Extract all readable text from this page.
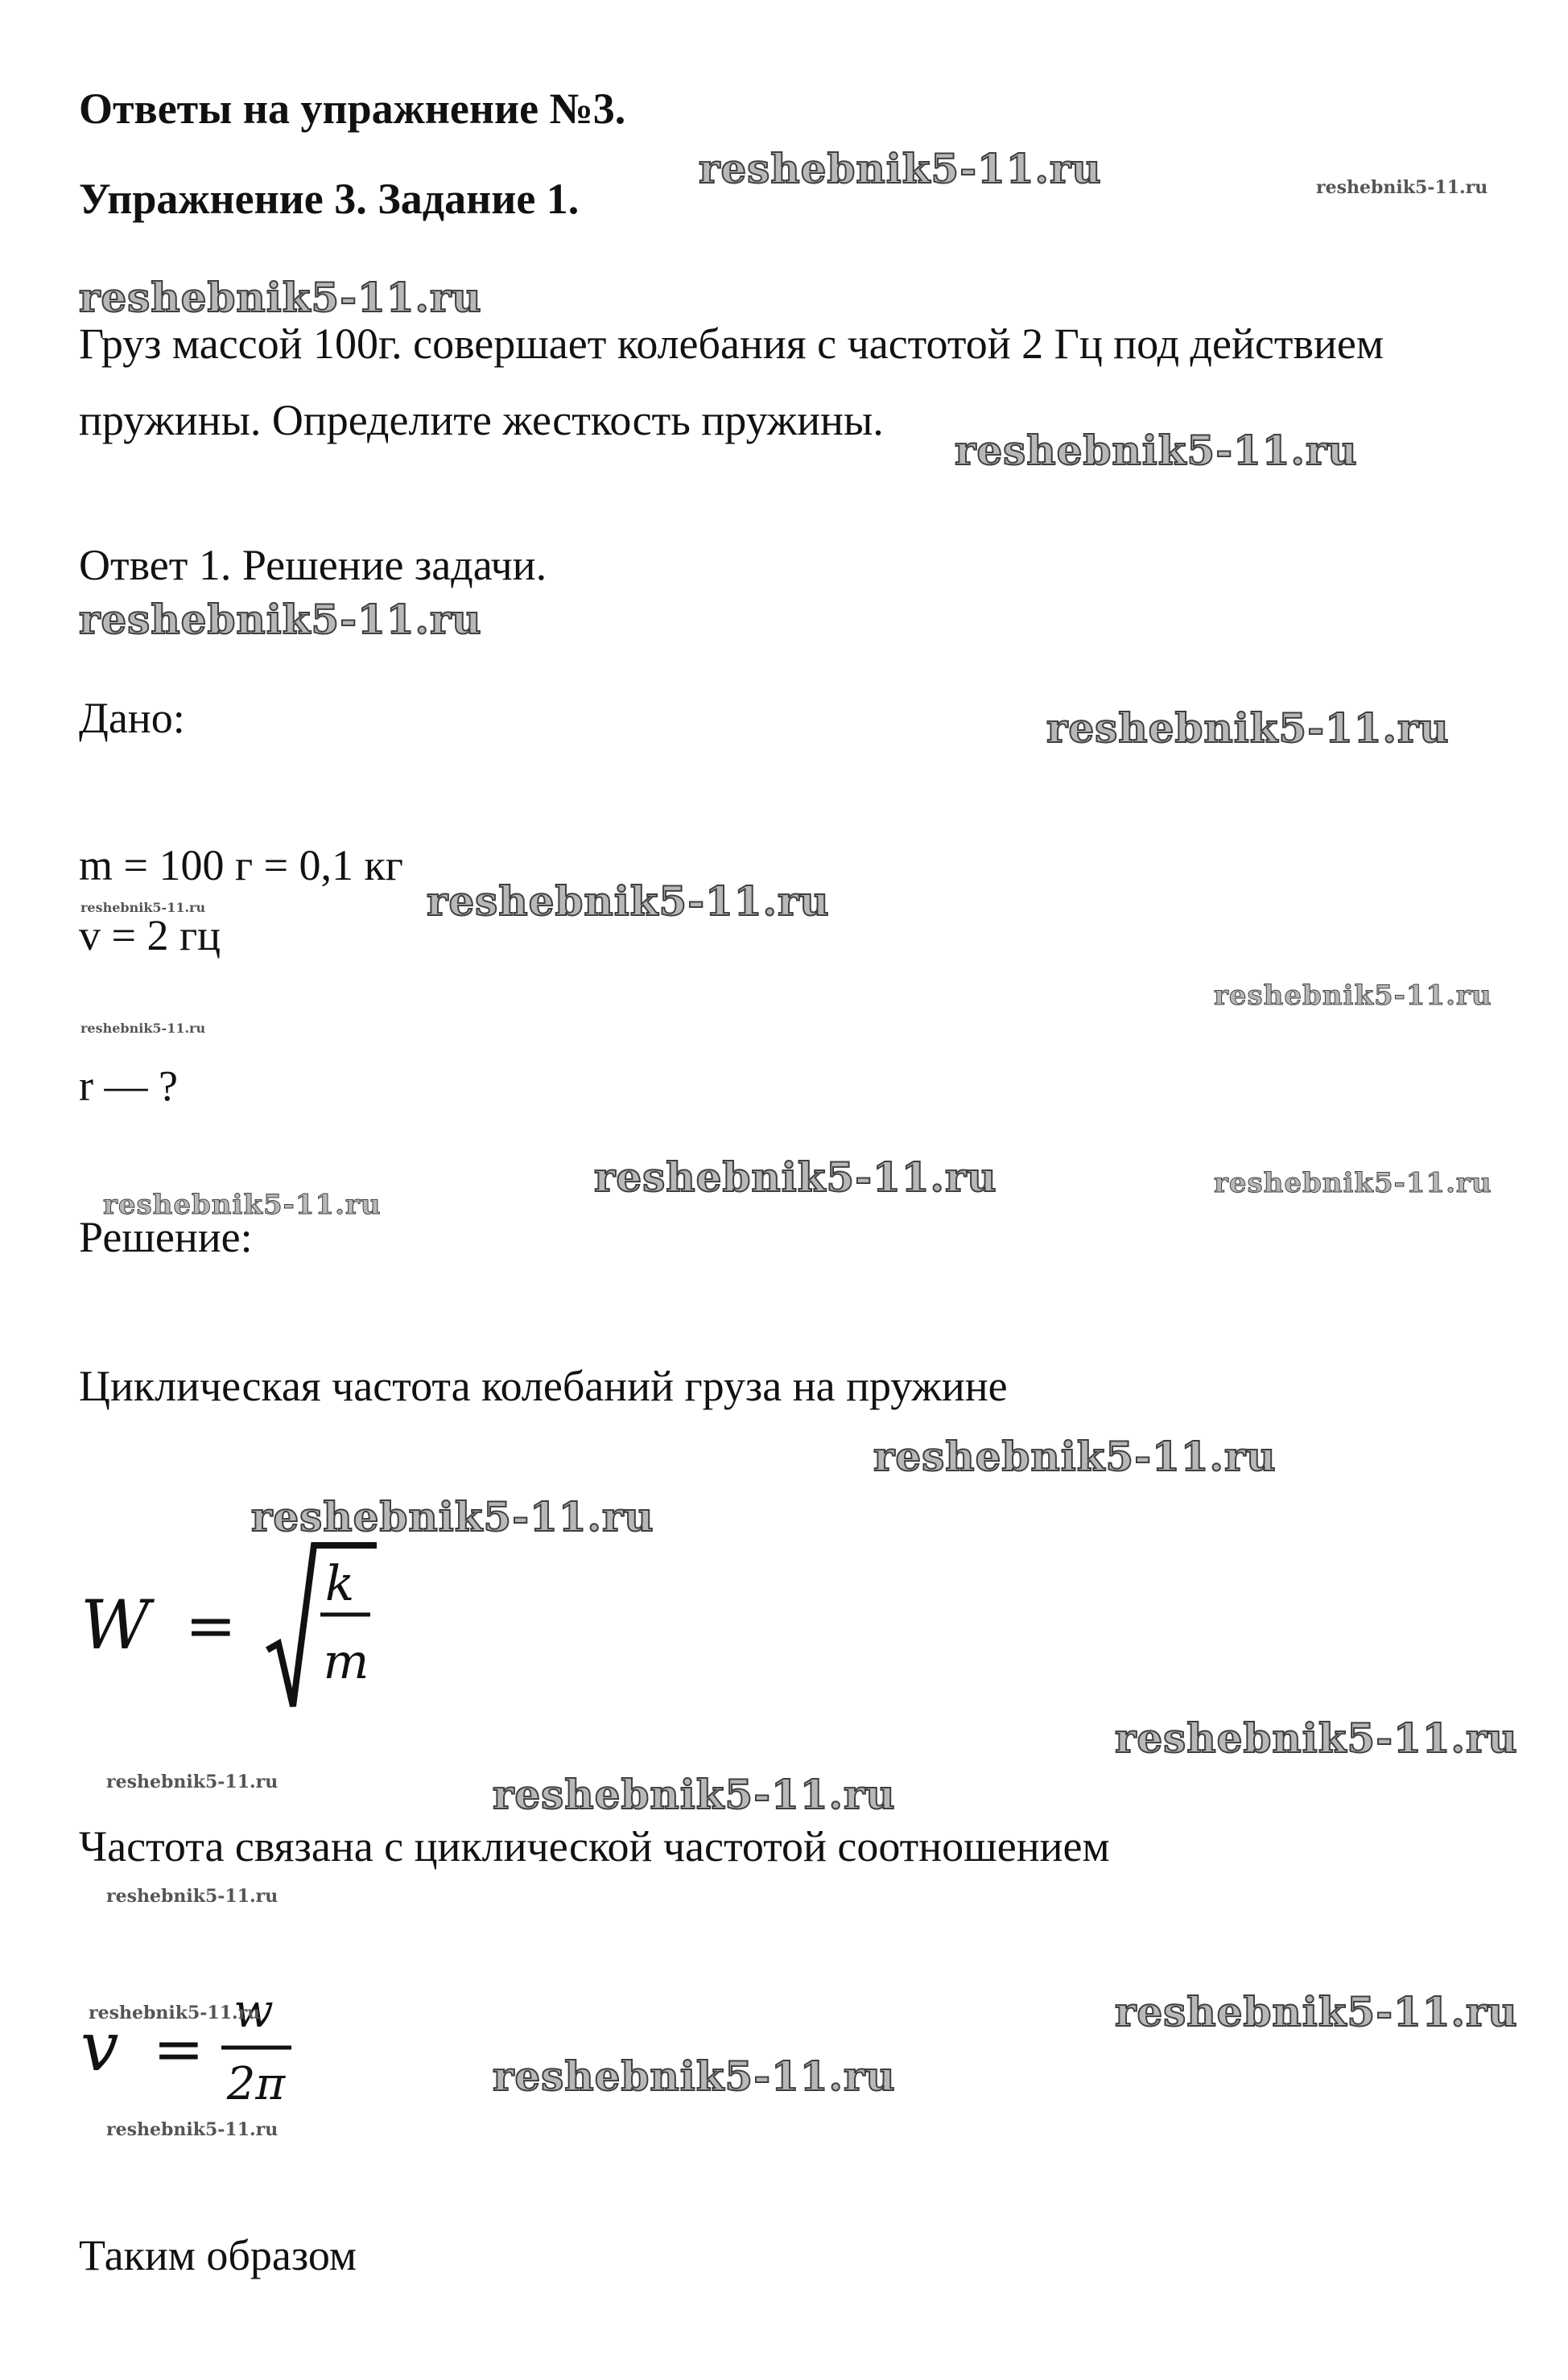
Ответы на упражнение №3.

Упражнение 3. Задание 1.

Груз массой 100г. совершает колебания с частотой 2 Гц под действием

пружины. Определите жесткость пружины.

Ответ 1. Решение задачи.

Дано:

m = 100 г = 0,1 кг

v = 2 гц

r — ?

Решение:

Циклическая частота колебаний груза на пружине

W =
k
m

Частота связана с циклической частотой соотношением

v =
w
2π

Таким образом

reshebnik5-11.ru
reshebnik5-11.ru
reshebnik5-11.ru
reshebnik5-11.ru
reshebnik5-11.ru
reshebnik5-11.ru
reshebnik5-11.ru
reshebnik5-11.ru
reshebnik5-11.ru
reshebnik5-11.ru
reshebnik5-11.ru
reshebnik5-11.ru
reshebnik5-11.ru
reshebnik5-11.ru
reshebnik5-11.ru
reshebnik5-11.ru
reshebnik5-11.ru
reshebnik5-11.ru
reshebnik5-11.ru
reshebnik5-11.ru
reshebnik5-11.ru
reshebnik5-11.ru
reshebnik5-11.ru
